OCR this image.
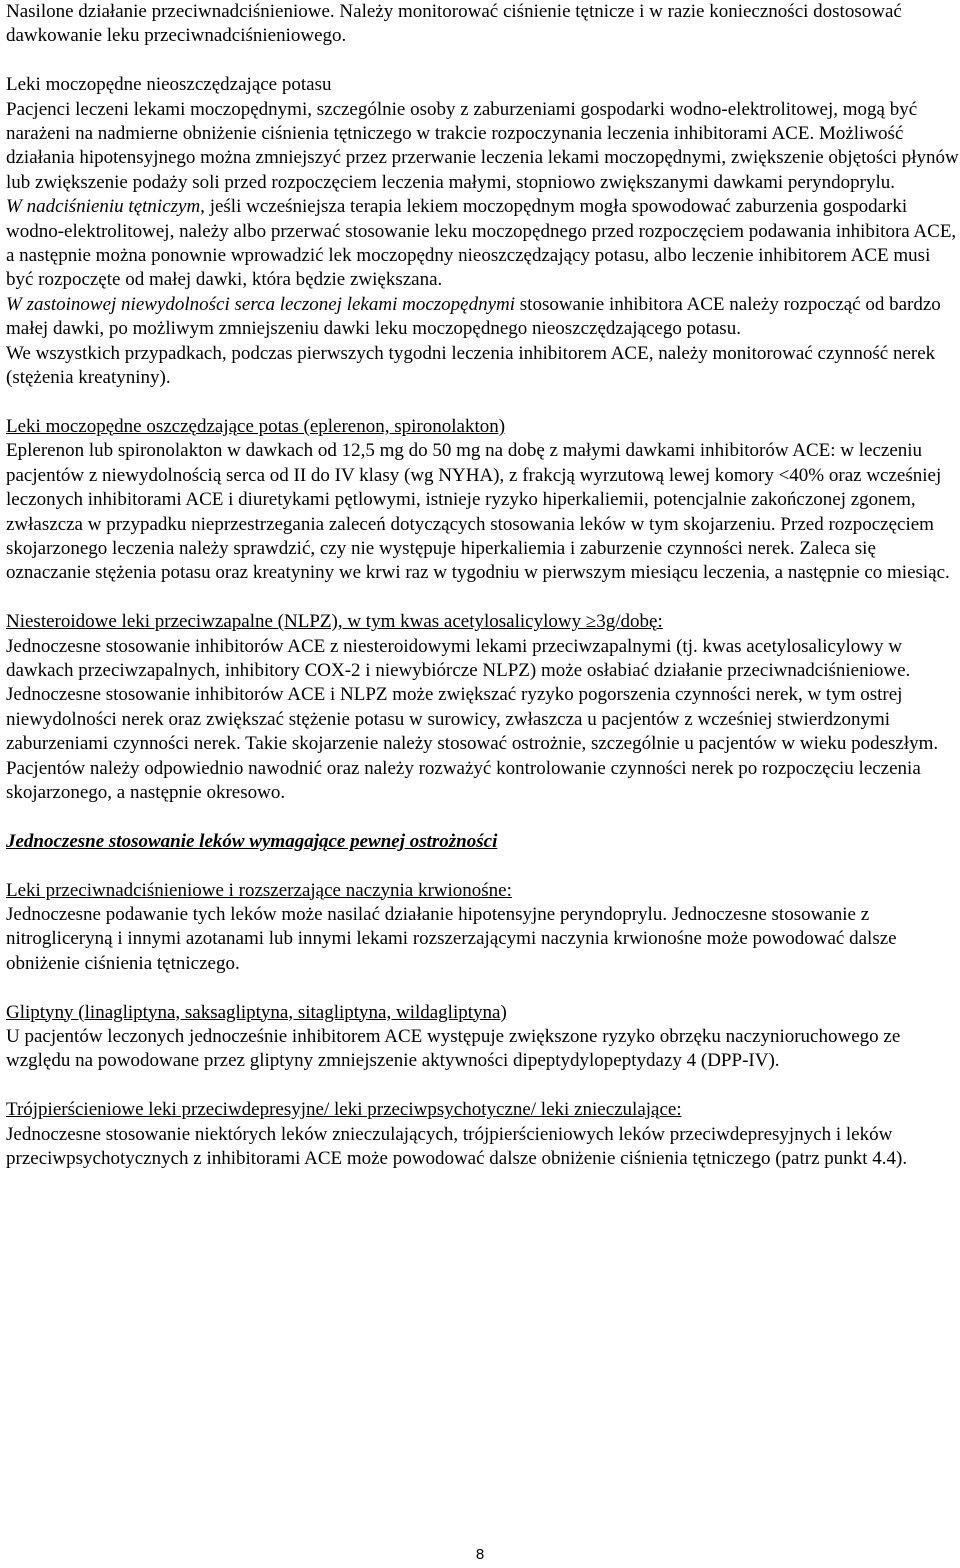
Nasilone działanie przeciwnadciśnieniowe. Należy monitorować ciśnienie tętnicze i w razie konieczności dostosować dawkowanie leku przeciwnadciśnieniowego.

Leki moczopędne nieoszczędzające potasu

Pacjenci leczeni lekami moczopędnymi, szczególnie osoby z zaburzeniami gospodarki wodno-elektrolitowej, mogą być narażeni na nadmierne obniżenie ciśnienia tętniczego w trakcie rozpoczynania leczenia inhibitorami ACE. Możliwość działania hipotensyjnego można zmniejszyć przez przerwanie leczenia lekami moczopędnymi, zwiększenie objętości płynów lub zwiększenie podaży soli przed rozpoczęciem leczenia małymi, stopniowo zwiększanymi dawkami peryndoprylu.

W nadciśnieniu tętniczym, jeśli wcześniejsza terapia lekiem moczopędnym mogła spowodować zaburzenia gospodarki wodno-elektrolitowej, należy albo przerwać stosowanie leku moczopędnego przed rozpoczęciem podawania inhibitora ACE, a następnie można ponownie wprowadzić lek moczopędny nieoszczędzający potasu, albo leczenie inhibitorem ACE musi być rozpoczęte od małej dawki, która będzie zwiększana.

W zastoinowej niewydolności serca leczonej lekami moczopędnymi stosowanie inhibitora ACE należy rozpocząć od bardzo małej dawki, po możliwym zmniejszeniu dawki leku moczopędnego nieoszczędzającego potasu.

We wszystkich przypadkach, podczas pierwszych tygodni leczenia inhibitorem ACE, należy monitorować czynność nerek (stężenia kreatyniny).

Leki moczopędne oszczędzające potas (eplerenon, spironolakton)

Eplerenon lub spironolakton w dawkach od 12,5 mg do 50 mg na dobę z małymi dawkami inhibitorów ACE: w leczeniu pacjentów z niewydolnością serca od II do IV klasy (wg NYHA), z frakcją wyrzutową lewej komory <40% oraz wcześniej leczonych inhibitorami ACE i diuretykami pętlowymi, istnieje ryzyko hiperkaliemii, potencjalnie zakończonej zgonem, zwłaszcza w przypadku nieprzestrzegania zaleceń dotyczących stosowania leków w tym skojarzeniu. Przed rozpoczęciem skojarzonego leczenia należy sprawdzić, czy nie występuje hiperkaliemia i zaburzenie czynności nerek. Zaleca się oznaczanie stężenia potasu oraz kreatyniny we krwi raz w tygodniu w pierwszym miesiącu leczenia, a następnie co miesiąc.

Niesteroidowe leki przeciwzapalne (NLPZ), w tym kwas acetylosalicylowy ≥3g/dobę:

Jednoczesne stosowanie inhibitorów ACE z niesteroidowymi lekami przeciwzapalnymi (tj. kwas acetylosalicylowy w dawkach przeciwzapalnych, inhibitory COX-2 i niewybiórcze NLPZ) może osłabiać działanie przeciwnadciśnieniowe. Jednoczesne stosowanie inhibitorów ACE i NLPZ może zwiększać ryzyko pogorszenia czynności nerek, w tym ostrej niewydolności nerek oraz zwiększać stężenie potasu w surowicy, zwłaszcza u pacjentów z wcześniej stwierdzonymi zaburzeniami czynności nerek. Takie skojarzenie należy stosować ostrożnie, szczególnie u pacjentów w wieku podeszłym. Pacjentów należy odpowiednio nawodnić oraz należy rozważyć kontrolowanie czynności nerek po rozpoczęciu leczenia skojarzonego, a następnie okresowo.

Jednoczesne stosowanie leków wymagające pewnej ostrożności

Leki przeciwnadciśnieniowe i rozszerzające naczynia krwionośne:

Jednoczesne podawanie tych leków może nasilać działanie hipotensyjne peryndoprylu. Jednoczesne stosowanie z nitrogliceryną i innymi azotanami lub innymi lekami rozszerzającymi naczynia krwionośne może powodować dalsze obniżenie ciśnienia tętniczego.

Gliptyny (linagliptyna, saksagliptyna, sitagliptyna, wildagliptyna)

U pacjentów leczonych jednocześnie inhibitorem ACE występuje zwiększone ryzyko obrzęku naczynioruchowego ze względu na powodowane przez gliptyny zmniejszenie aktywności dipeptydylopeptydazy 4 (DPP-IV).

Trójpierścieniowe leki przeciwdepresyjne/ leki przeciwpsychotyczne/ leki znieczulające:

Jednoczesne stosowanie niektórych leków znieczulających, trójpierścieniowych leków przeciwdepresyjnych i leków przeciwpsychotycznych z inhibitorami ACE może powodować dalsze obniżenie ciśnienia tętniczego (patrz punkt 4.4).

8
